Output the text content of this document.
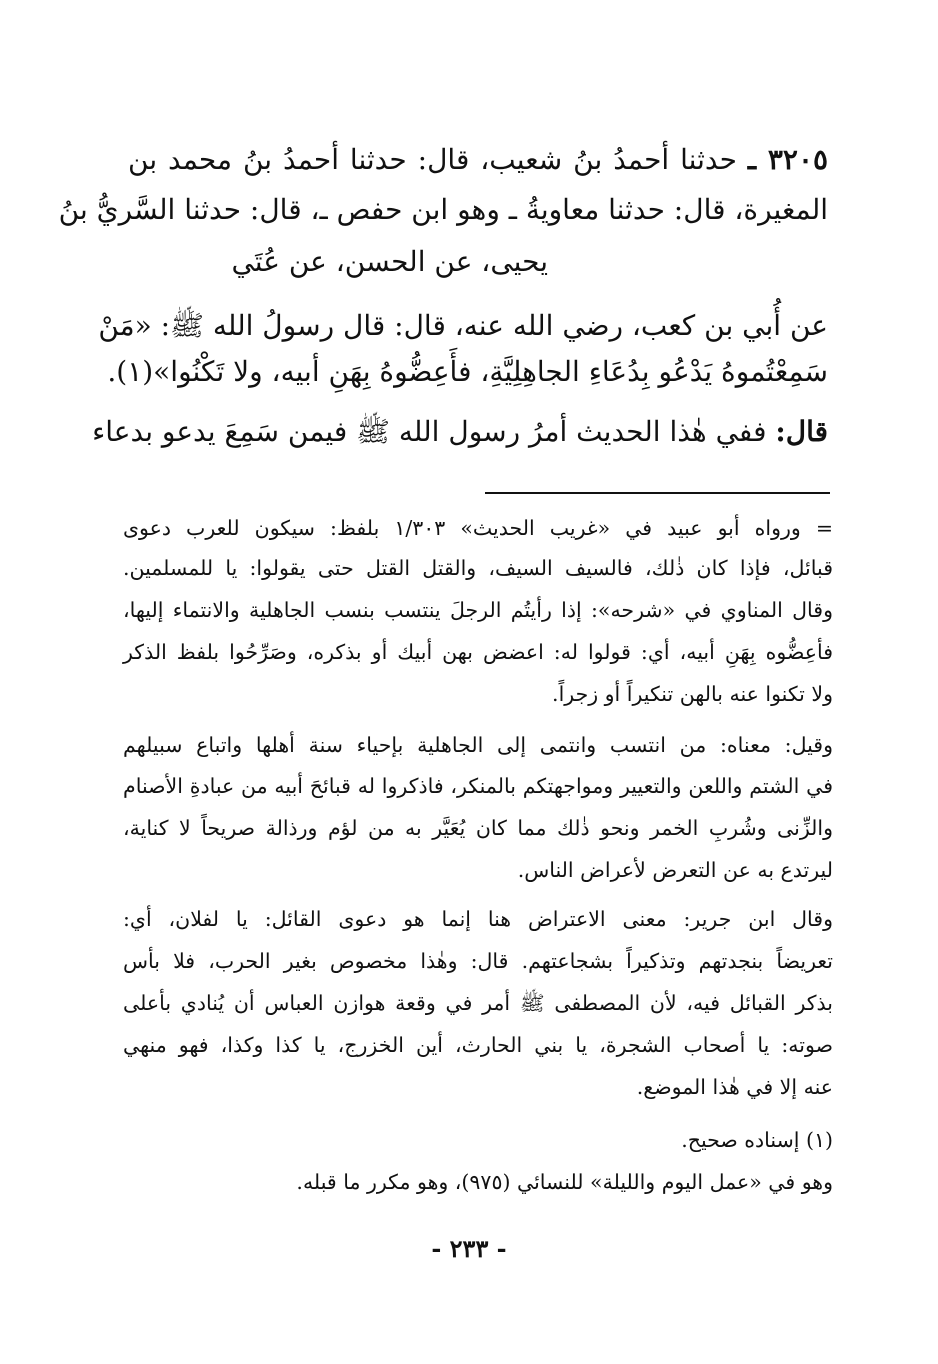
٣٢٠٥ ـ حدثنا أحمدُ بنُ شعيب، قال: حدثنا أحمدُ بنُ محمد بن
المغيرة، قال: حدثنا معاويةُ ـ وهو ابن حفص ـ، قال: حدثنا السَّريُّ بنُ
يحيى، عن الحسن، عن عُتَي
عن أُبي بن كعب، رضي الله عنه، قال: قال رسولُ الله ﷺ: «مَنْ
سَمِعْتُموهُ يَدْعُو بِدُعَاءِ الجاهِلِيَّةِ، فأَعِضُّوهُ بِهَنِ أبيه، ولا تَكْنُوا»(١).
قال: ففي هٰذا الحديث أمرُ رسول الله ﷺ فيمن سَمِعَ يدعو بدعاء
= ورواه أبو عبيد في «غريب الحديث» ١/٣٠٣ بلفظ: سيكون للعرب دعوى
قبائل، فإذا كان ذٰلك، فالسيف السيف، والقتل القتل حتى يقولوا: يا للمسلمين.
وقال المناوي في «شرحه»: إذا رأيتُم الرجلَ ينتسب بنسب الجاهلية والانتماء إليها،
فأعِضُّوه بِهَنِ أبيه، أي: قولوا له: اعضض بهن أبيك أو بذكره، وصَرِّحُوا بلفظ الذكر
ولا تكنوا عنه بالهن تنكيراً أو زجراً.
وقيل: معناه: من انتسب وانتمى إلى الجاهلية بإحياء سنة أهلها واتباع سبيلهم
في الشتم واللعن والتعيير ومواجهتكم بالمنكر، فاذكروا له قبائحَ أبيه من عبادةِ الأصنام
والزِّنى وشُربِ الخمر ونحو ذٰلك مما كان يُعَيَّر به من لؤم ورذالة صريحاً لا كناية،
ليرتدع به عن التعرض لأعراض الناس.
وقال ابن جرير: معنى الاعتراض هنا إنما هو دعوى القائل: يا لفلان، أي:
تعريضاً بنجدتهم وتذكيراً بشجاعتهم. قال: وهٰذا مخصوص بغير الحرب، فلا بأس
بذكر القبائل فيه، لأن المصطفى ﷺ أمر في وقعة هوازن العباس أن يُنادي بأعلى
صوته: يا أصحاب الشجرة، يا بني الحارث، أين الخزرج، يا كذا وكذا، فهو منهي
عنه إلا في هٰذا الموضع.
(١) إسناده صحيح.
وهو في «عمل اليوم والليلة» للنسائي (٩٧٥)، وهو مكرر ما قبله.
- ٢٣٣ -
